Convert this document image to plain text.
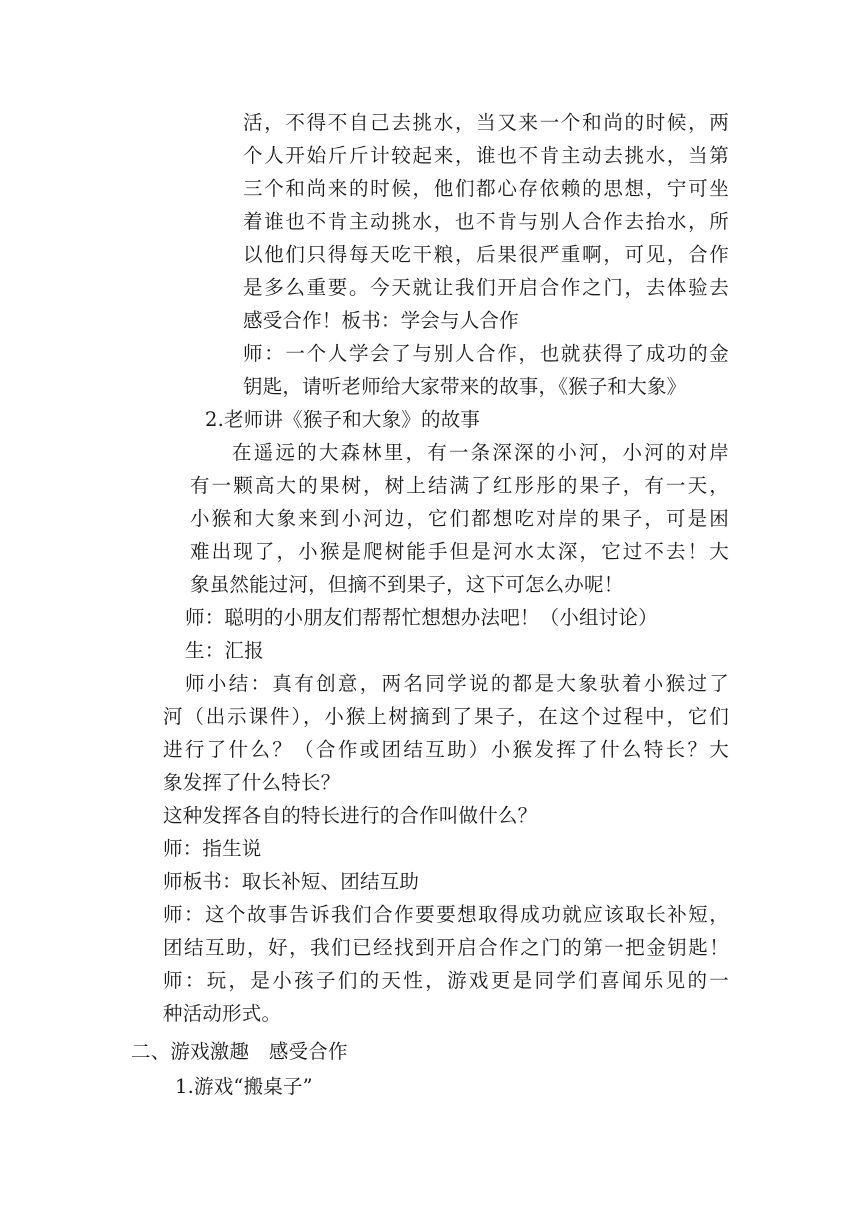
活，不得不自己去挑水，当又来一个和尚的时候，两
个人开始斤斤计较起来，谁也不肯主动去挑水，当第
三个和尚来的时候，他们都心存依赖的思想，宁可坐
着谁也不肯主动挑水，也不肯与别人合作去抬水，所
以他们只得每天吃干粮，后果很严重啊，可见，合作
是多么重要。今天就让我们开启合作之门，去体验去
感受合作！板书：学会与人合作
师：一个人学会了与别人合作，也就获得了成功的金
钥匙，请听老师给大家带来的故事，《猴子和大象》
2.老师讲《猴子和大象》的故事
在遥远的大森林里，有一条深深的小河，小河的对岸
有一颗高大的果树，树上结满了红彤彤的果子，有一天，
小猴和大象来到小河边，它们都想吃对岸的果子，可是困
难出现了，小猴是爬树能手但是河水太深，它过不去！大
象虽然能过河，但摘不到果子，这下可怎么办呢！
师：聪明的小朋友们帮帮忙想想办法吧！（小组讨论）
生：汇报
师小结：真有创意，两名同学说的都是大象驮着小猴过了
河（出示课件），小猴上树摘到了果子，在这个过程中，它们
进行了什么？（合作或团结互助）小猴发挥了什么特长？大
象发挥了什么特长？
这种发挥各自的特长进行的合作叫做什么？
师：指生说
师板书：取长补短、团结互助
师：这个故事告诉我们合作要要想取得成功就应该取长补短，
团结互助，好，我们已经找到开启合作之门的第一把金钥匙！
师：玩，是小孩子们的天性，游戏更是同学们喜闻乐见的一
种活动形式。
二、游戏激趣　感受合作
1.游戏“搬桌子”
